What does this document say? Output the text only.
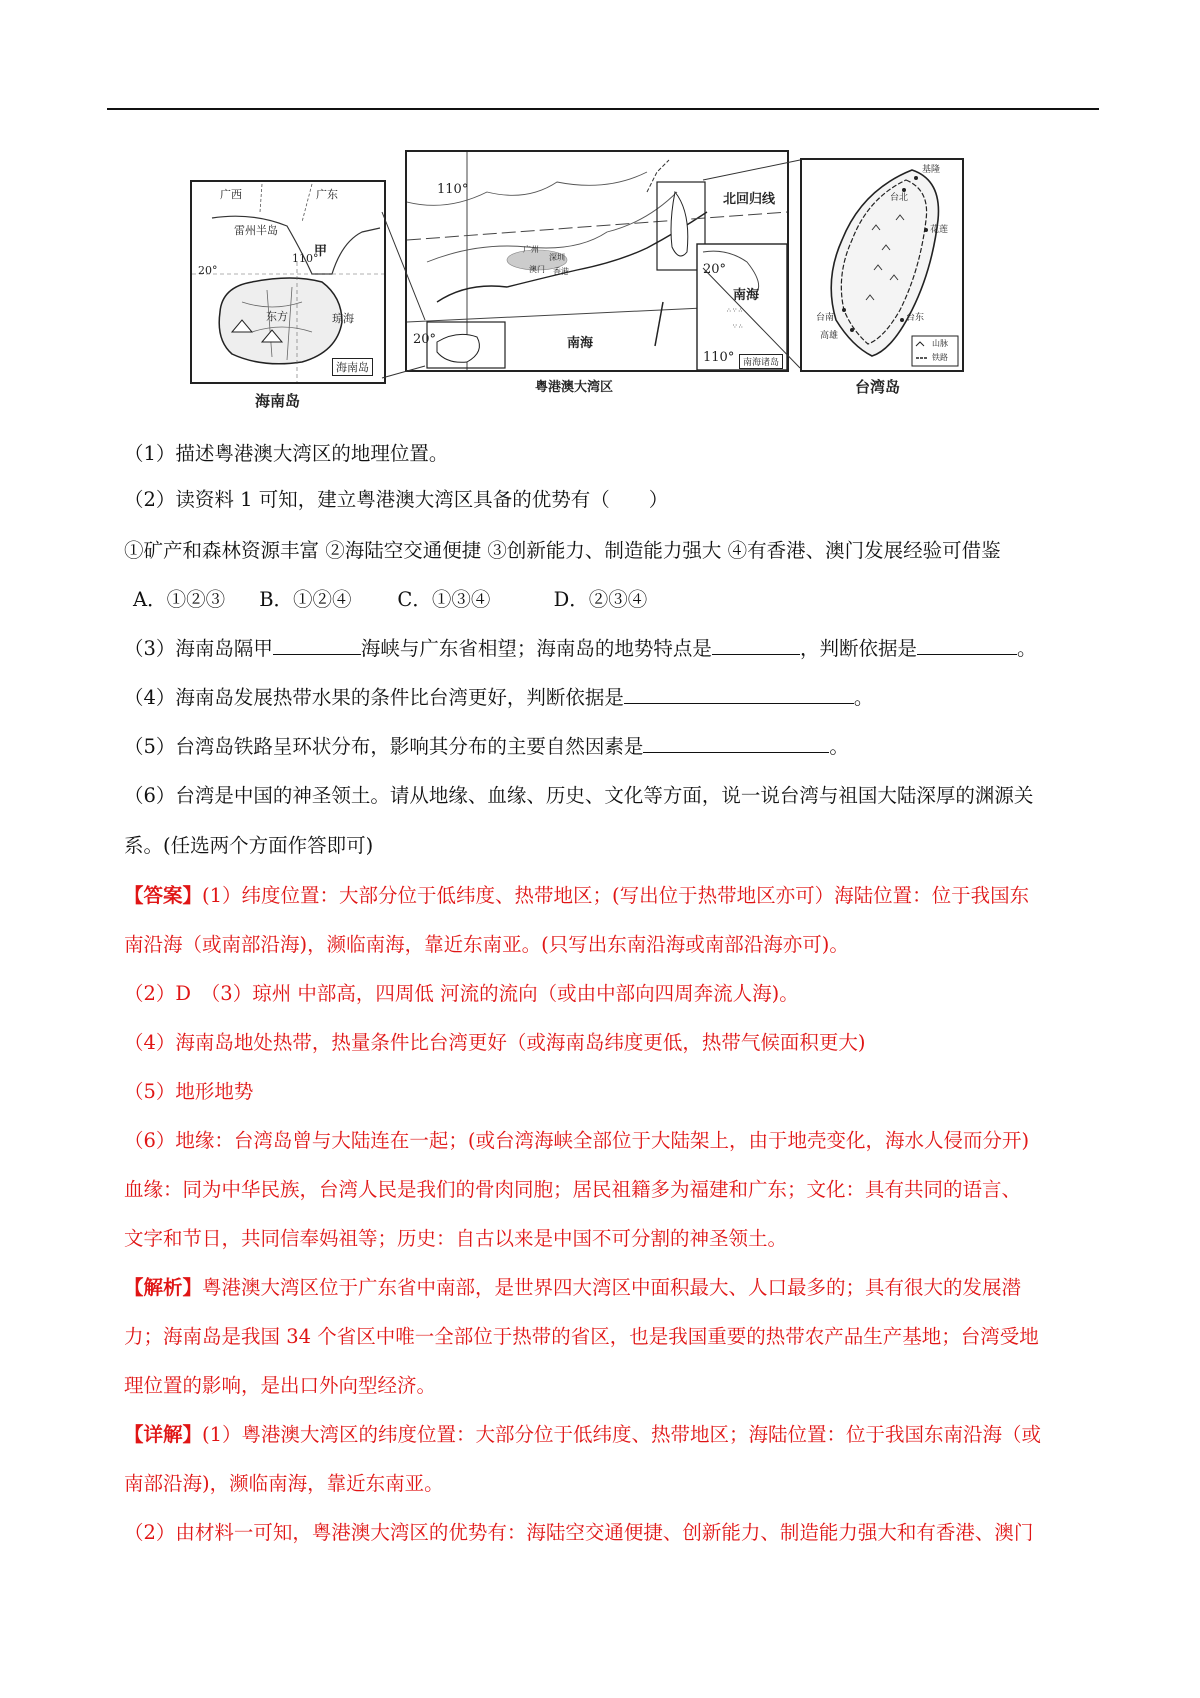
广西	广东
雷州半岛
甲
20°
110°
东方	琼海
海南岛
海南岛
∴ ∵ ∴
∵ ∴
110°
北回归线
南海
广州
深圳
澳门 香港
20°
20°
南海
110° 南海诸岛
粤港澳大湾区
基隆
台北
花莲
台南
高雄
台东
山脉
铁路
台湾岛
（1）描述粤港澳大湾区的地理位置。
（2）读资料 1 可知，建立粤港澳大湾区具备的优势有（　　）
①矿产和森林资源丰富 ②海陆空交通便捷 ③创新能力、制造能力强大 ④有香港、澳门发展经验可借鉴
A．①②③ B．①②④ C．①③④	D．②③④
（3）海南岛隔甲	海峡与广东省相望；海南岛的地势特点是	，判断依据是	。
（4）海南岛发展热带水果的条件比台湾更好，判断依据是	。
（5）台湾岛铁路呈环状分布，影响其分布的主要自然因素是	。
（6）台湾是中国的神圣领土。请从地缘、血缘、历史、文化等方面，说一说台湾与祖国大陆深厚的渊源关
系。(任选两个方面作答即可)
【答案】(1）纬度位置：大部分位于低纬度、热带地区；(写出位于热带地区亦可）海陆位置：位于我国东
南沿海（或南部沿海)，濒临南海，靠近东南亚。(只写出东南沿海或南部沿海亦可)。
（2）D　（3）琼州 中部高，四周低 河流的流向（或由中部向四周奔流人海)。
（4）海南岛地处热带，热量条件比台湾更好（或海南岛纬度更低，热带气候面积更大)
（5）地形地势
（6）地缘：台湾岛曾与大陆连在一起；(或台湾海峡全部位于大陆架上，由于地壳变化，海水人侵而分开)
血缘：同为中华民族，台湾人民是我们的骨肉同胞；居民祖籍多为福建和广东；文化：具有共同的语言、
文字和节日，共同信奉妈祖等；历史：自古以来是中国不可分割的神圣领土。
【解析】粤港澳大湾区位于广东省中南部，是世界四大湾区中面积最大、人口最多的；具有很大的发展潜
力；海南岛是我国 34 个省区中唯一全部位于热带的省区，也是我国重要的热带农产品生产基地；台湾受地
理位置的影响，是出口外向型经济。
【详解】(1）粤港澳大湾区的纬度位置：大部分位于低纬度、热带地区；海陆位置：位于我国东南沿海（或
南部沿海)，濒临南海，靠近东南亚。
（2）由材料一可知，粤港澳大湾区的优势有：海陆空交通便捷、创新能力、制造能力强大和有香港、澳门
